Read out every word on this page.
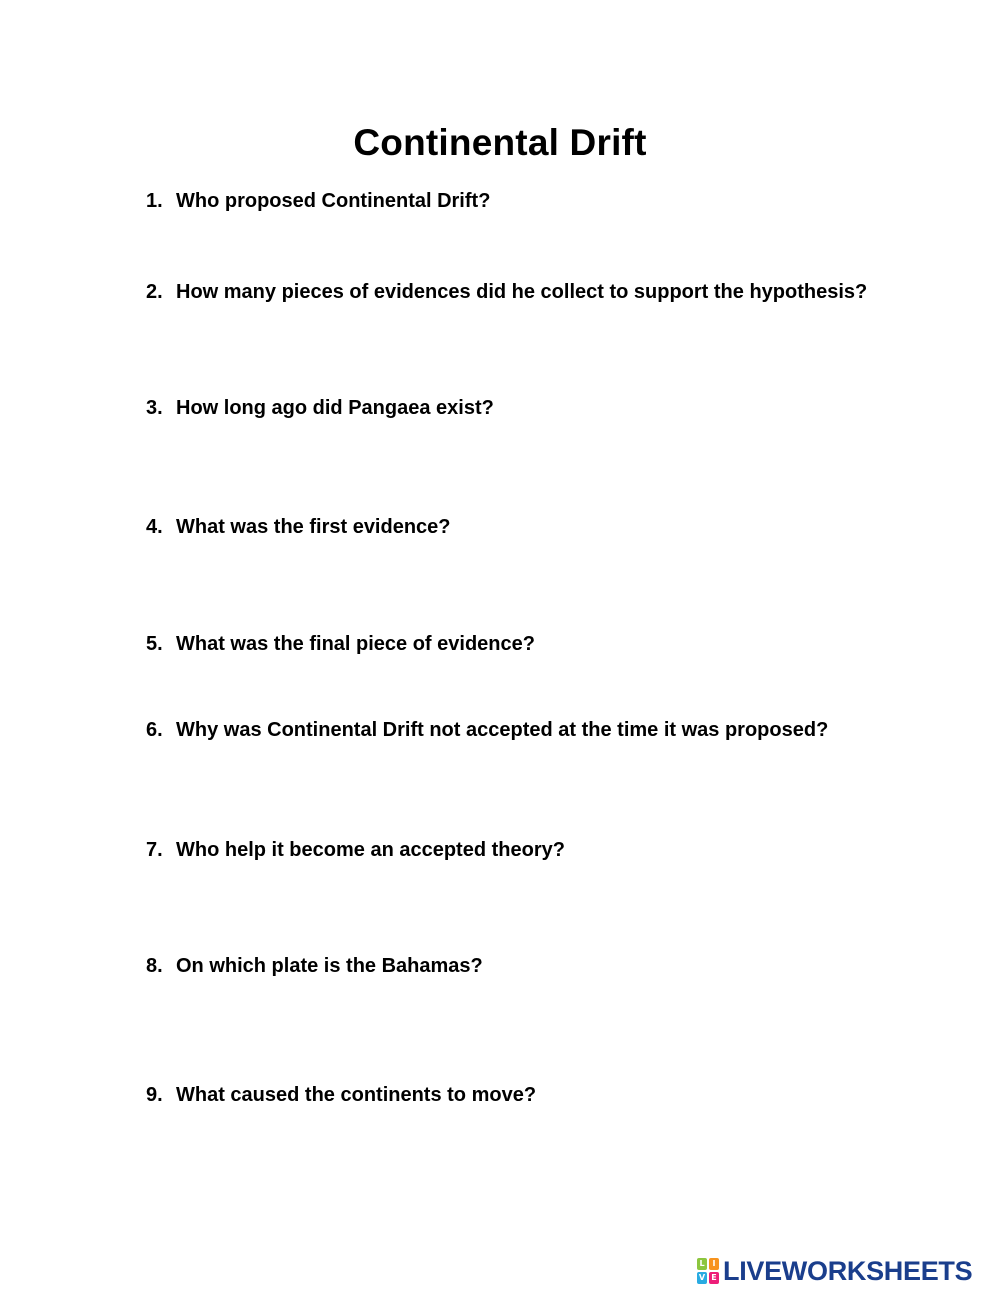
Continental Drift
1. Who proposed Continental Drift?
2. How many pieces of evidences did he collect to support the hypothesis?
3. How long ago did Pangaea exist?
4. What was the first evidence?
5. What was the final piece of evidence?
6. Why was Continental Drift not accepted at the time it was proposed?
7. Who help it become an accepted theory?
8. On which plate is the Bahamas?
9. What caused the continents to move?
L I
V E LIVEWORKSHEETS
